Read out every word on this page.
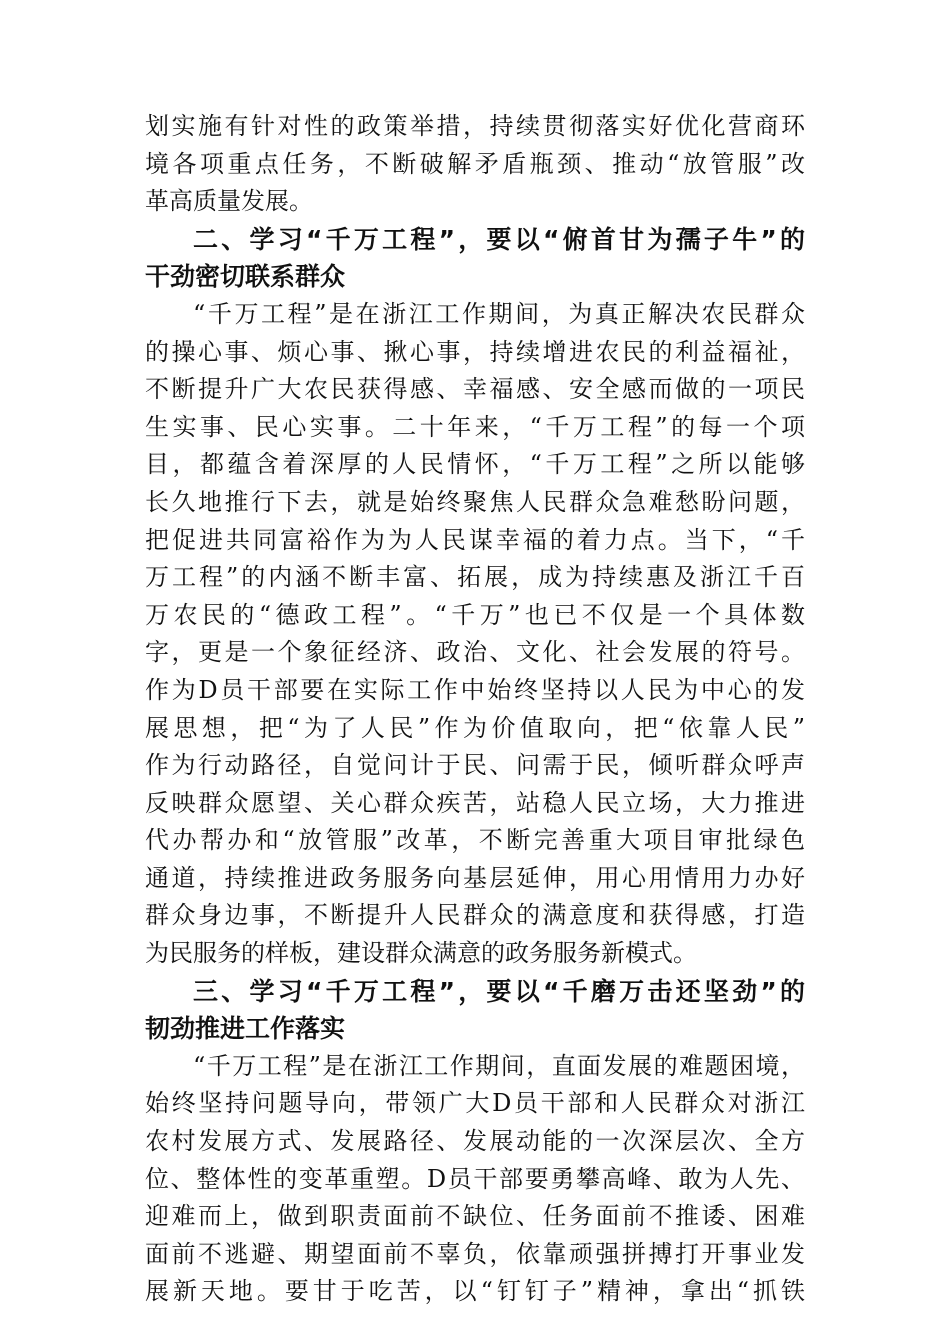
划实施有针对性的政策举措，持续贯彻落实好优化营商环
境各项重点任务，不断破解矛盾瓶颈、推动“放管服”改
革高质量发展。
二、学习“千万工程”，要以“俯首甘为孺子牛”的
干劲密切联系群众
“千万工程”是在浙江工作期间，为真正解决农民群众
的操心事、烦心事、揪心事，持续增进农民的利益福祉，
不断提升广大农民获得感、幸福感、安全感而做的一项民
生实事、民心实事。二十年来，“千万工程”的每一个项
目，都蕴含着深厚的人民情怀，“千万工程”之所以能够
长久地推行下去，就是始终聚焦人民群众急难愁盼问题，
把促进共同富裕作为为人民谋幸福的着力点。当下，“千
万工程”的内涵不断丰富、拓展，成为持续惠及浙江千百
万农民的“德政工程”。“千万”也已不仅是一个具体数
字，更是一个象征经济、政治、文化、社会发展的符号。
作为D员干部要在实际工作中始终坚持以人民为中心的发
展思想，把“为了人民”作为价值取向，把“依靠人民”
作为行动路径，自觉问计于民、问需于民，倾听群众呼声
反映群众愿望、关心群众疾苦，站稳人民立场，大力推进
代办帮办和“放管服”改革，不断完善重大项目审批绿色
通道，持续推进政务服务向基层延伸，用心用情用力办好
群众身边事，不断提升人民群众的满意度和获得感，打造
为民服务的样板，建设群众满意的政务服务新模式。
三、学习“千万工程”，要以“千磨万击还坚劲”的
韧劲推进工作落实
“千万工程”是在浙江工作期间，直面发展的难题困境，
始终坚持问题导向，带领广大D员干部和人民群众对浙江
农村发展方式、发展路径、发展动能的一次深层次、全方
位、整体性的变革重塑。D员干部要勇攀高峰、敢为人先、
迎难而上，做到职责面前不缺位、任务面前不推诿、困难
面前不逃避、期望面前不辜负，依靠顽强拼搏打开事业发
展新天地。要甘于吃苦，以“钉钉子”精神，拿出“抓铁
